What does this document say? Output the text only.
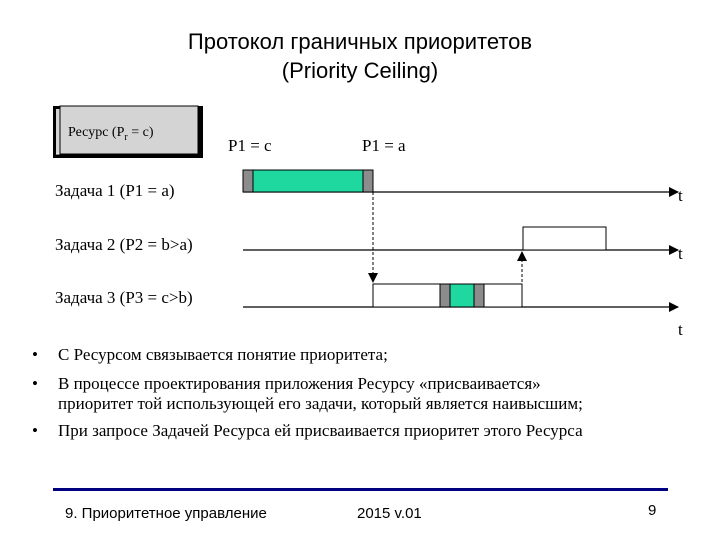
Протокол граничных приоритетов
(Priority Ceiling)
Ресурс $(P_r = c)$
P1 = c	P1 = a
Задача 1 (P1 = a)
Задача 2 (P2 = b>a)
Задача 3 (P3 = c>b)
t
t
t
• С Ресурсом связывается понятие приоритета;
• В процессе проектирования приложения Ресурсу «присваивается»
приоритет той использующей его задачи, который является наивысшим;
• При запросе Задачей Ресурса ей присваивается приоритет этого Ресурса
9. Приоритетное управление	2015 v.01	9
